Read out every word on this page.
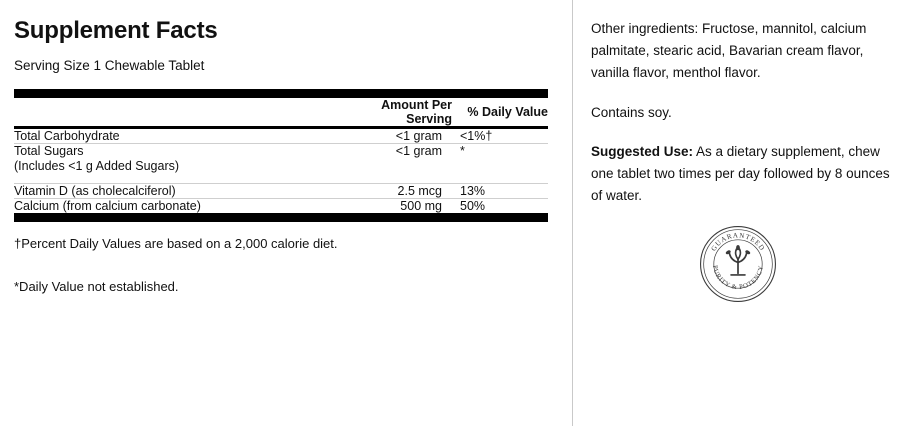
Supplement Facts
Serving Size 1 Chewable Tablet
	Amount Per
Serving	% Daily Value
Total Carbohydrate	<1 gram	<1%†
Total Sugars	<1 gram	*
(Includes <1 g Added Sugars)		
Vitamin D (as cholecalciferol)	2.5 mcg	13%
Calcium (from calcium carbonate)	500 mg	50%
†Percent Daily Values are based on a 2,000 calorie diet.
*Daily Value not established.

Other ingredients: Fructose, mannitol, calcium palmitate, stearic acid, Bavarian cream flavor, vanilla flavor, menthol flavor.

Contains soy.

Suggested Use: As a dietary supplement, chew one tablet two times per day followed by 8 ounces of water.

GUARANTEED
PURITY & POTENCY
